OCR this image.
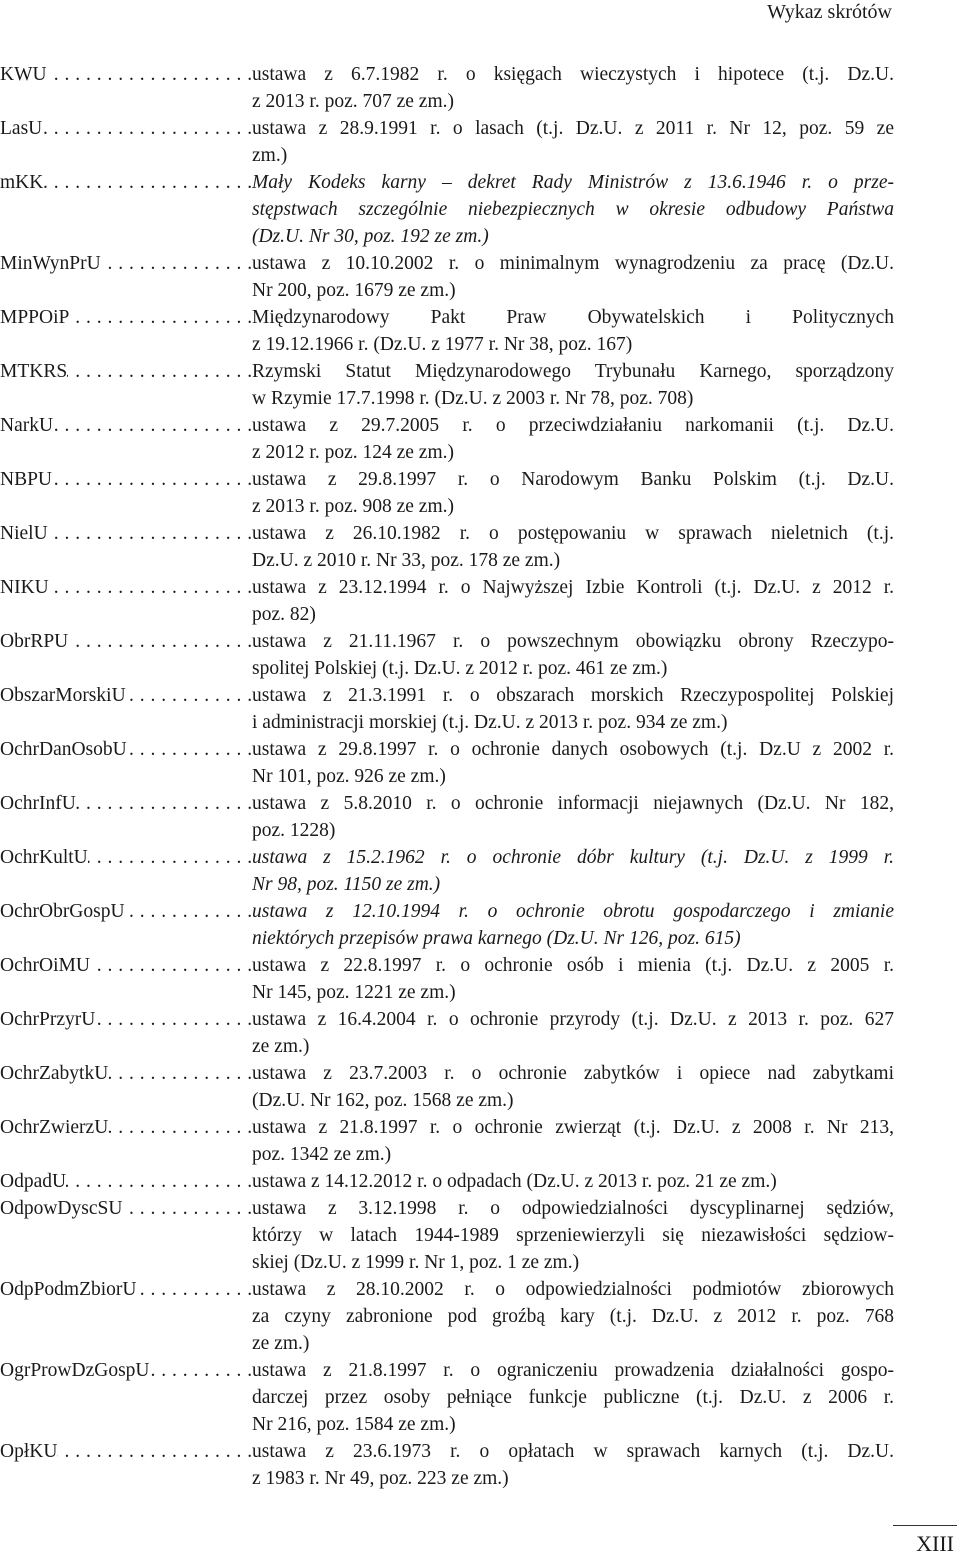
Wykaz skrótów
KWU . . .	ustawa z 6.7.1982 r. o księgach wieczystych i hipotece (t.j. Dz.U.
z 2013 r. poz. 707 ze zm.)
LasU . . .	ustawa z 28.9.1991 r. o lasach (t.j. Dz.U. z 2011 r. Nr 12, poz. 59 ze
zm.)
mKK . . .	Mały Kodeks karny – dekret Rady Ministrów z 13.6.1946 r. o prze-
stępstwach szczególnie niebezpiecznych w okresie odbudowy Państwa
(Dz.U. Nr 30, poz. 192 ze zm.)
MinWynPrU . . .	ustawa z 10.10.2002 r. o minimalnym wynagrodzeniu za pracę (Dz.U.
Nr 200, poz. 1679 ze zm.)
MPPOiP . . .	Międzynarodowy Pakt Praw Obywatelskich i Politycznych
z 19.12.1966 r. (Dz.U. z 1977 r. Nr 38, poz. 167)
MTKRS . . .	Rzymski Statut Międzynarodowego Trybunału Karnego, sporządzony
w Rzymie 17.7.1998 r. (Dz.U. z 2003 r. Nr 78, poz. 708)
NarkU . . .	ustawa z 29.7.2005 r. o przeciwdziałaniu narkomanii (t.j. Dz.U.
z 2012 r. poz. 124 ze zm.)
NBPU . . .	ustawa z 29.8.1997 r. o Narodowym Banku Polskim (t.j. Dz.U.
z 2013 r. poz. 908 ze zm.)
NielU . . .	ustawa z 26.10.1982 r. o postępowaniu w sprawach nieletnich (t.j.
Dz.U. z 2010 r. Nr 33, poz. 178 ze zm.)
NIKU . . .	ustawa z 23.12.1994 r. o Najwyższej Izbie Kontroli (t.j. Dz.U. z 2012 r.
poz. 82)
ObrRPU . . .	ustawa z 21.11.1967 r. o powszechnym obowiązku obrony Rzeczypo-
spolitej Polskiej (t.j. Dz.U. z 2012 r. poz. 461 ze zm.)
ObszarMorskiU . . .	ustawa z 21.3.1991 r. o obszarach morskich Rzeczypospolitej Polskiej
i administracji morskiej (t.j. Dz.U. z 2013 r. poz. 934 ze zm.)
OchrDanOsobU . . .	ustawa z 29.8.1997 r. o ochronie danych osobowych (t.j. Dz.U z 2002 r.
Nr 101, poz. 926 ze zm.)
OchrInfU . . .	ustawa z 5.8.2010 r. o ochronie informacji niejawnych (Dz.U. Nr 182,
poz. 1228)
OchrKultU . . .	ustawa z 15.2.1962 r. o ochronie dóbr kultury (t.j. Dz.U. z 1999 r.
Nr 98, poz. 1150 ze zm.)
OchrObrGospU . . .	ustawa z 12.10.1994 r. o ochronie obrotu gospodarczego i zmianie
niektórych przepisów prawa karnego (Dz.U. Nr 126, poz. 615)
OchrOiMU . . .	ustawa z 22.8.1997 r. o ochronie osób i mienia (t.j. Dz.U. z 2005 r.
Nr 145, poz. 1221 ze zm.)
OchrPrzyrU . . .	ustawa z 16.4.2004 r. o ochronie przyrody (t.j. Dz.U. z 2013 r. poz. 627
ze zm.)
OchrZabytkU . . .	ustawa z 23.7.2003 r. o ochronie zabytków i opiece nad zabytkami
(Dz.U. Nr 162, poz. 1568 ze zm.)
OchrZwierzU . . .	ustawa z 21.8.1997 r. o ochronie zwierząt (t.j. Dz.U. z 2008 r. Nr 213,
poz. 1342 ze zm.)
OdpadU . . .	ustawa z 14.12.2012 r. o odpadach (Dz.U. z 2013 r. poz. 21 ze zm.)
OdpowDyscSU . . .	ustawa z 3.12.1998 r. o odpowiedzialności dyscyplinarnej sędziów,
którzy w latach 1944-1989 sprzeniewierzyli się niezawisłości sędziow-
skiej (Dz.U. z 1999 r. Nr 1, poz. 1 ze zm.)
OdpPodmZbiorU . . .	ustawa z 28.10.2002 r. o odpowiedzialności podmiotów zbiorowych
za czyny zabronione pod groźbą kary (t.j. Dz.U. z 2012 r. poz. 768
ze zm.)
OgrProwDzGospU . . .	ustawa z 21.8.1997 r. o ograniczeniu prowadzenia działalności gospo-
darczej przez osoby pełniące funkcje publiczne (t.j. Dz.U. z 2006 r.
Nr 216, poz. 1584 ze zm.)
OpłKU . . .	ustawa z 23.6.1973 r. o opłatach w sprawach karnych (t.j. Dz.U.
z 1983 r. Nr 49, poz. 223 ze zm.)
XIII
